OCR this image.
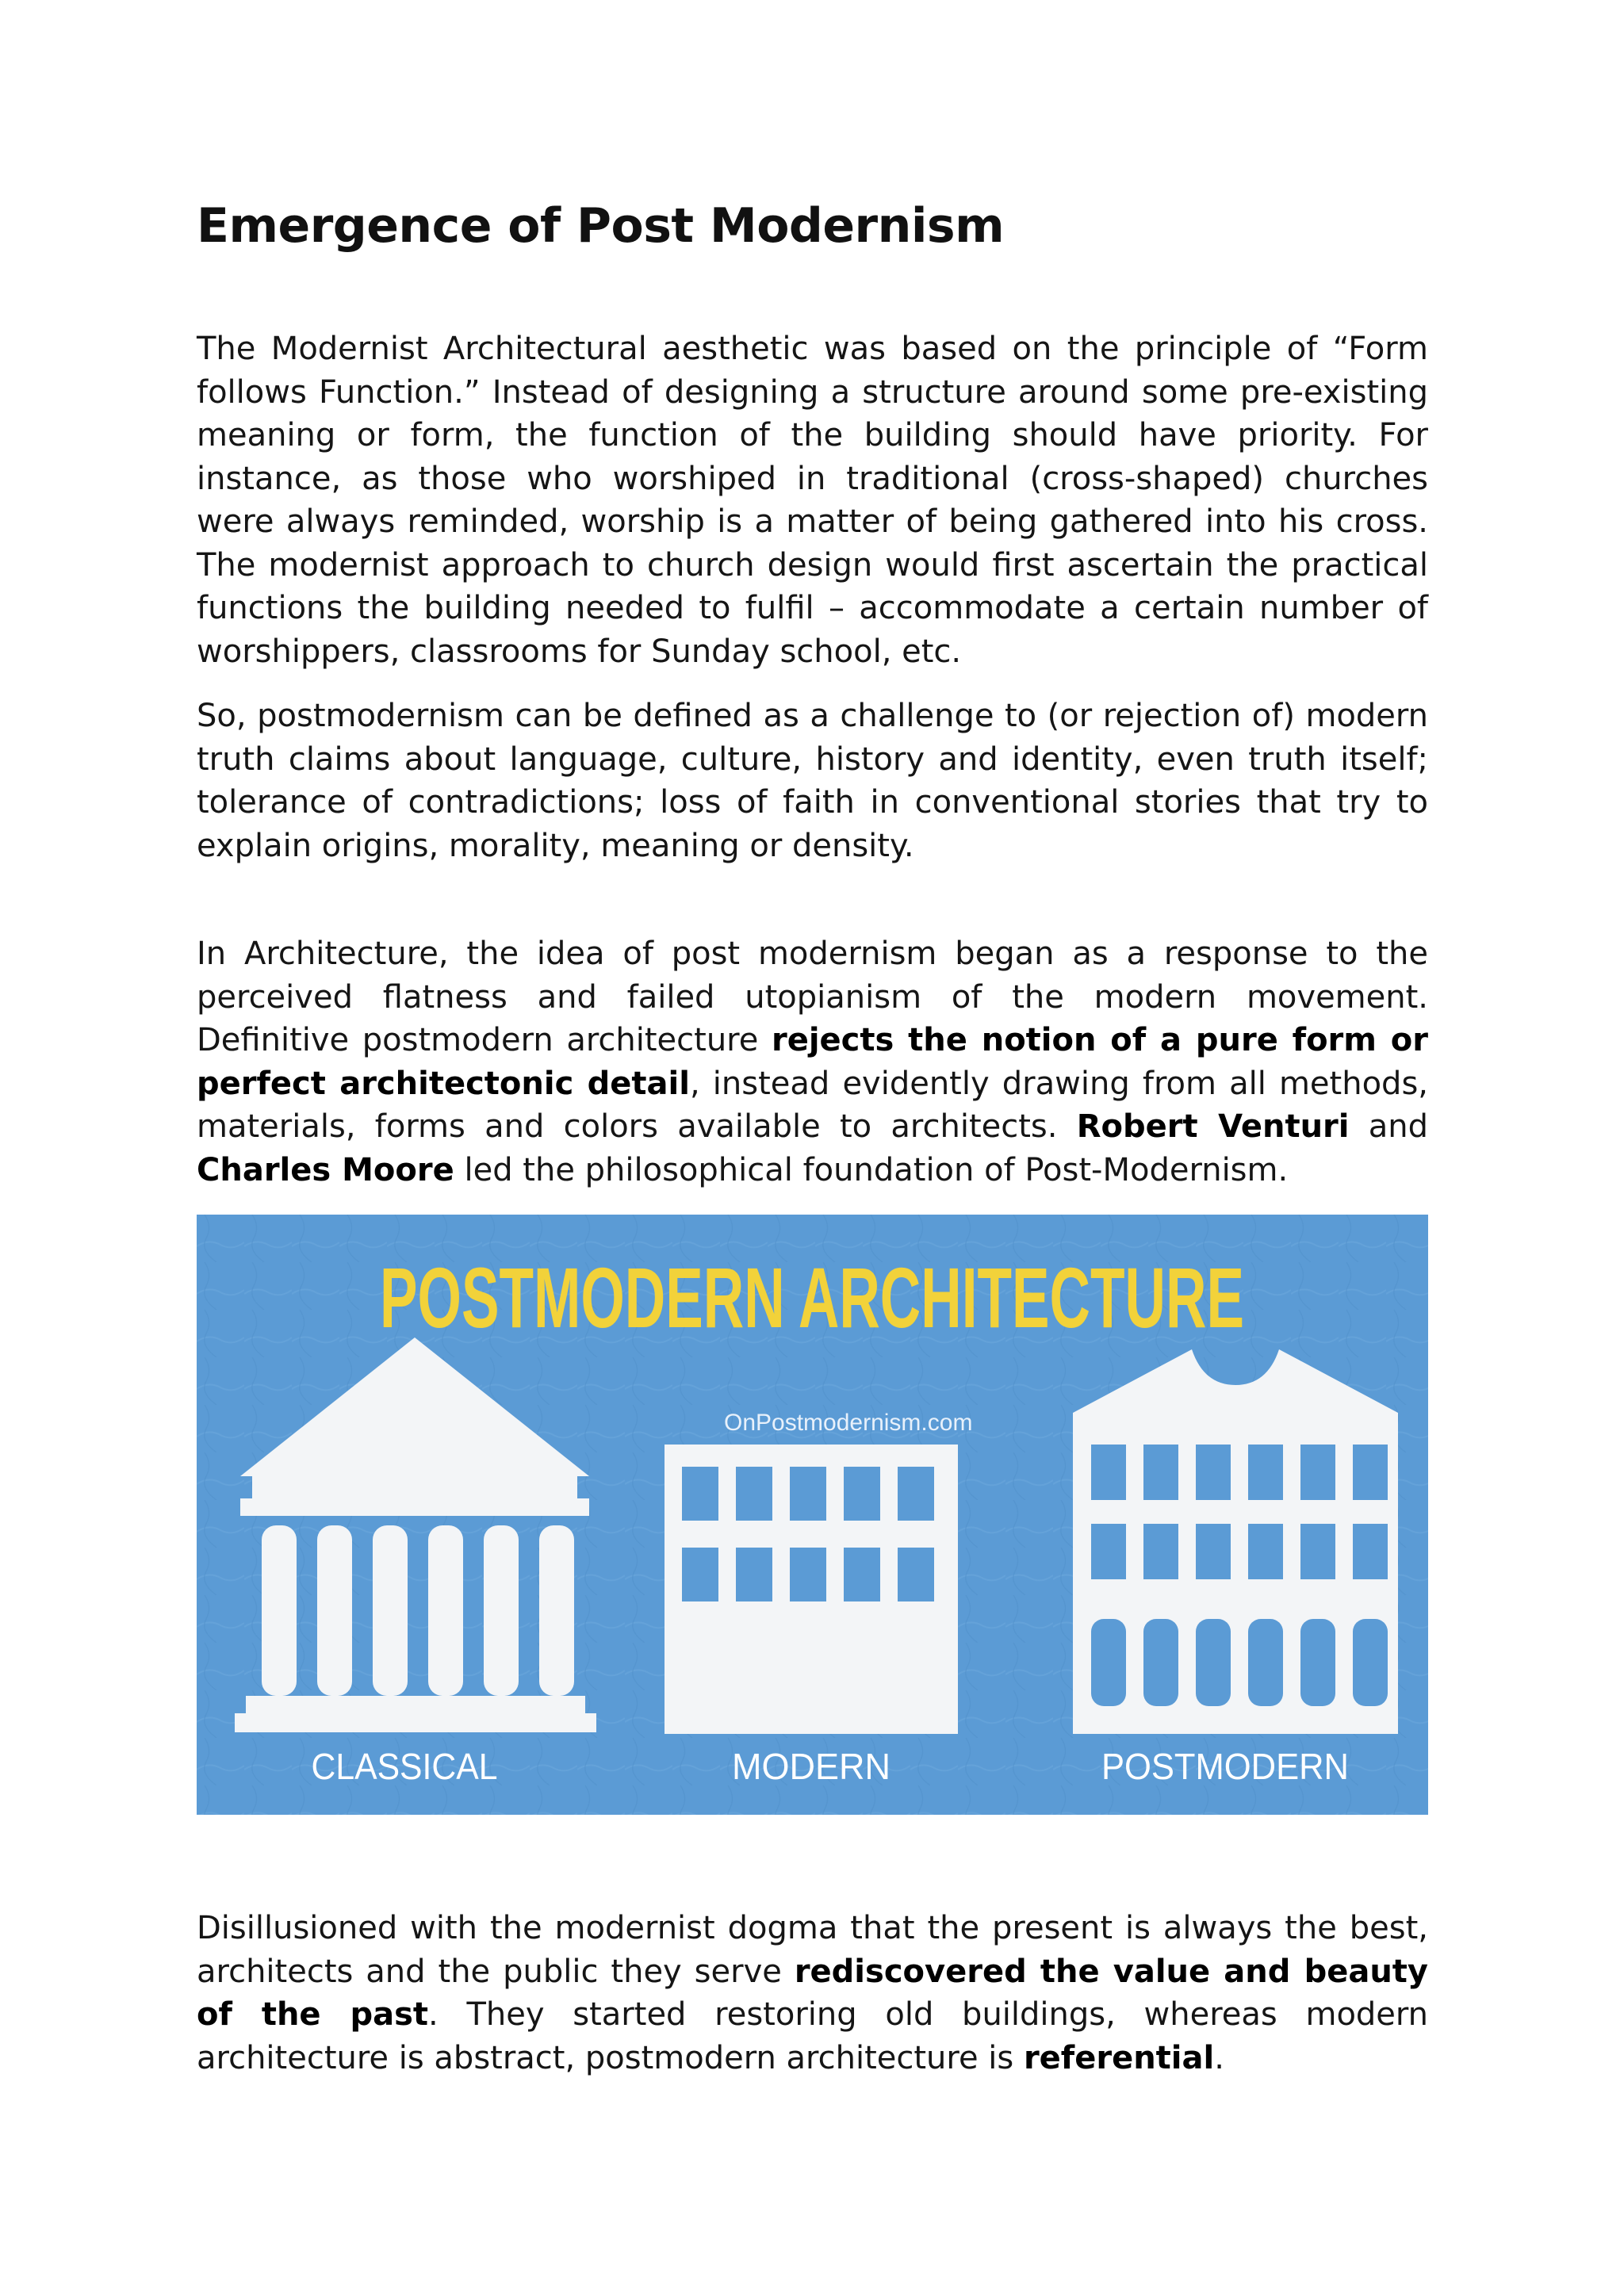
Emergence of Post Modernism

The Modernist Architectural aesthetic was based on the principle of “Form follows Function.” Instead of designing a structure around some pre-existing meaning or form, the function of the building should have priority. For instance, as those who worshiped in traditional (cross-shaped) churches were always reminded, worship is a matter of being gathered into his cross. The modernist approach to church design would first ascertain the practical functions the building needed to fulfil – accommodate a certain number of worshippers, classrooms for Sunday school, etc.

So, postmodernism can be defined as a challenge to (or rejection of) modern truth claims about language, culture, history and identity, even truth itself; tolerance of contradictions; loss of faith in conventional stories that try to explain origins, morality, meaning or density.

In Architecture, the idea of post modernism began as a response to the perceived flatness and failed utopianism of the modern movement. Definitive postmodern architecture rejects the notion of a pure form or perfect architectonic detail, instead evidently drawing from all methods, materials, forms and colors available to architects. Robert Venturi and Charles Moore led the philosophical foundation of Post-Modernism.

POSTMODERN ARCHITECTURE
OnPostmodernism.com
CLASSICAL	MODERN	POSTMODERN

Disillusioned with the modernist dogma that the present is always the best, architects and the public they serve rediscovered the value and beauty of the past. They started restoring old buildings, whereas modern architecture is abstract, postmodern architecture is referential.
